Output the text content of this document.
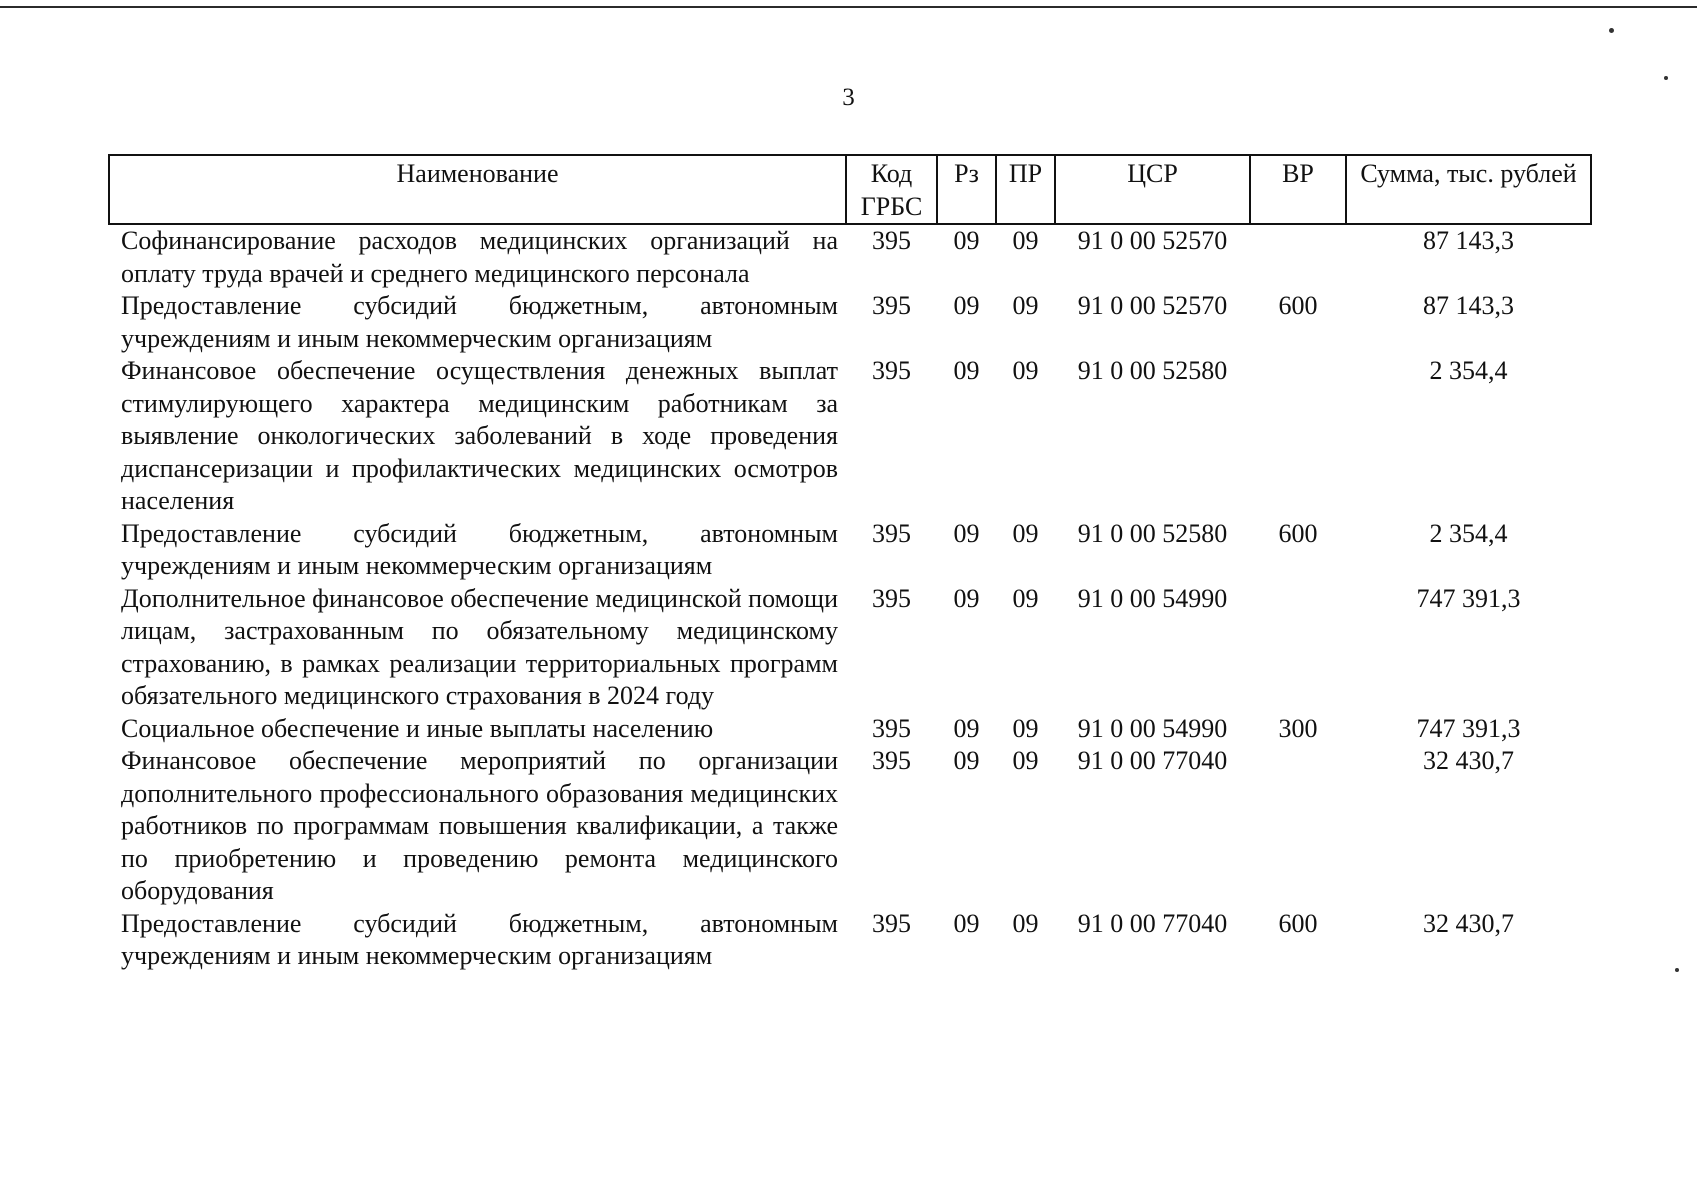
3
Наименование	Код ГРБС	Рз	ПР	ЦСР	ВР	Сумма, тыс. рублей
Софинансирование расходов медицинских организаций на оплату труда врачей и среднего медицинского персонала	395	09	09	91 0 00 52570		87 143,3
Предоставление субсидий бюджетным, автономным учреждениям и иным некоммерческим организациям	395	09	09	91 0 00 52570	600	87 143,3
Финансовое обеспечение осуществления денежных выплат стимулирующего характера медицинским работникам за выявление онкологических заболеваний в ходе проведения диспансеризации и профилактических медицинских осмотров населения	395	09	09	91 0 00 52580		2 354,4
Предоставление субсидий бюджетным, автономным учреждениям и иным некоммерческим организациям	395	09	09	91 0 00 52580	600	2 354,4
Дополнительное финансовое обеспечение медицинской помощи лицам, застрахованным по обязательному медицинскому страхованию, в рамках реализации территориальных программ обязательного медицинского страхования в 2024 году	395	09	09	91 0 00 54990		747 391,3
Социальное обеспечение и иные выплаты населению	395	09	09	91 0 00 54990	300	747 391,3
Финансовое обеспечение мероприятий по организации дополнительного профессионального образования медицинских работников по программам повышения квалификации, а также по приобретению и проведению ремонта медицинского оборудования	395	09	09	91 0 00 77040		32 430,7
Предоставление субсидий бюджетным, автономным учреждениям и иным некоммерческим организациям	395	09	09	91 0 00 77040	600	32 430,7
